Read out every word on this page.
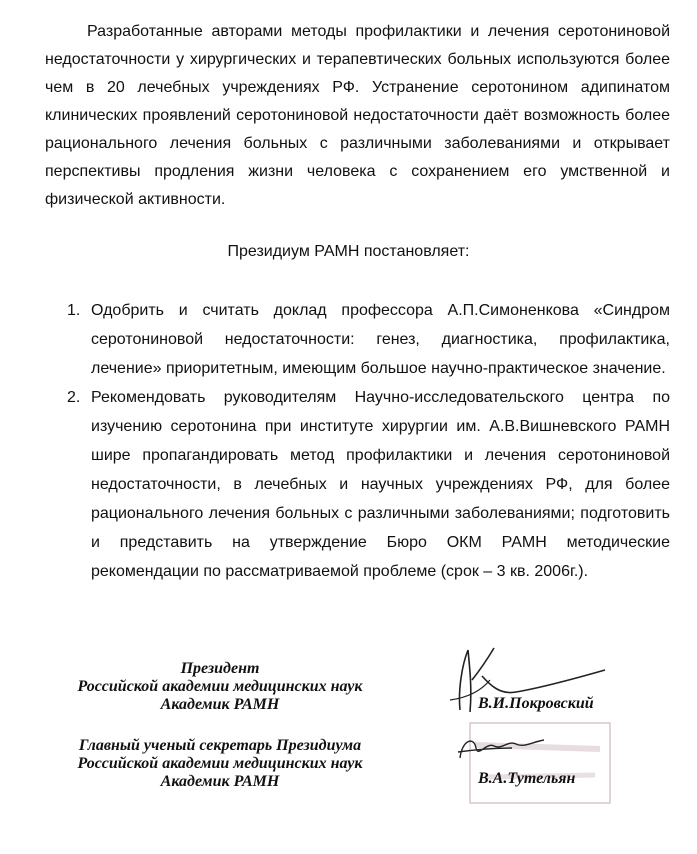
Разработанные авторами методы профилактики и лечения серотониновой недостаточности у хирургических и терапевтических больных используются более чем в 20 лечебных учреждениях РФ. Устранение серотонином адипинатом клинических проявлений серотониновой недостаточности даёт возможность более рационального лечения больных с различными заболеваниями и открывает перспективы продления жизни человека с сохранением его умственной и физической активности.
Президиум РАМН постановляет:
1. Одобрить и считать доклад профессора А.П.Симоненкова «Синдром серотониновой недостаточности: генез, диагностика, профилактика, лечение» приоритетным, имеющим большое научно-практическое значение.
2. Рекомендовать руководителям Научно-исследовательского центра по изучению серотонина при институте хирургии им. А.В.Вишневского РАМН шире пропагандировать метод профилактики и лечения серотониновой недостаточности, в лечебных и научных учреждениях РФ, для более рационального лечения больных с различными заболеваниями; подготовить и представить на утверждение Бюро ОКМ РАМН методические рекомендации по рассматриваемой проблеме (срок – 3 кв. 2006г.).
Президент
Российской академии медицинских наук
Академик РАМН	В.И.Покровский
Главный ученый секретарь Президиума
Российской академии медицинских наук
Академик РАМН	В.А.Тутельян
